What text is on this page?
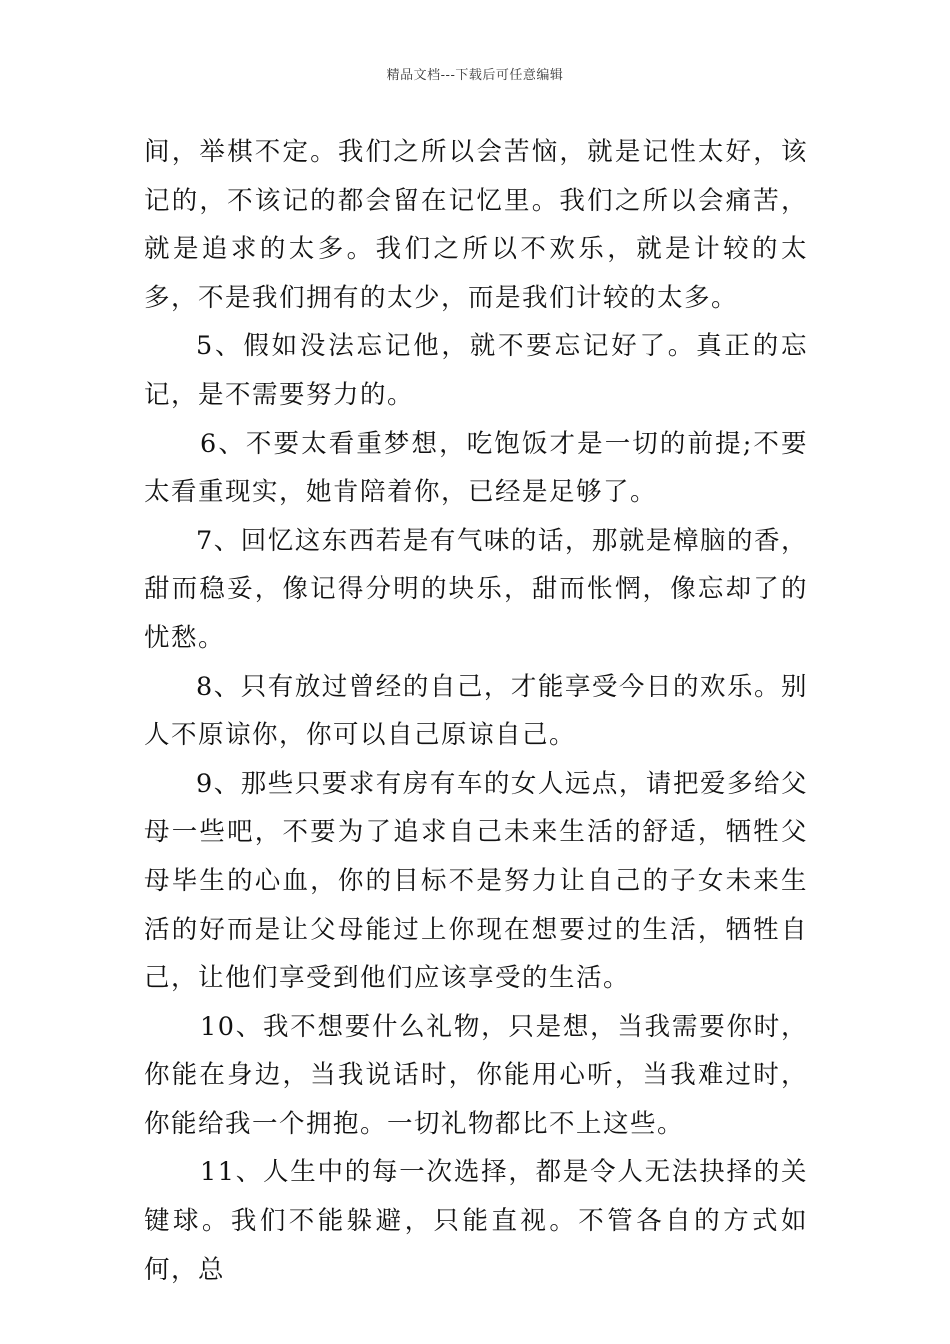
精品文档---下载后可任意编辑

间，举棋不定。我们之所以会苦恼，就是记性太好，该记的，不该记的都会留在记忆里。我们之所以会痛苦，就是追求的太多。我们之所以不欢乐，就是计较的太多，不是我们拥有的太少，而是我们计较的太多。

5、假如没法忘记他，就不要忘记好了。真正的忘记，是不需要努力的。

6、不要太看重梦想，吃饱饭才是一切的前提;不要太看重现实，她肯陪着你，已经是足够了。

7、回忆这东西若是有气味的话，那就是樟脑的香，甜而稳妥，像记得分明的块乐，甜而怅惘，像忘却了的忧愁。

8、只有放过曾经的自己，才能享受今日的欢乐。别人不原谅你，你可以自己原谅自己。

9、那些只要求有房有车的女人远点，请把爱多给父母一些吧，不要为了追求自己未来生活的舒适，牺牲父母毕生的心血，你的目标不是努力让自己的子女未来生活的好而是让父母能过上你现在想要过的生活，牺牲自己，让他们享受到他们应该享受的生活。

10、我不想要什么礼物，只是想，当我需要你时，你能在身边，当我说话时，你能用心听，当我难过时，你能给我一个拥抱。一切礼物都比不上这些。

11、人生中的每一次选择，都是令人无法抉择的关键球。我们不能躲避，只能直视。不管各自的方式如何，总
